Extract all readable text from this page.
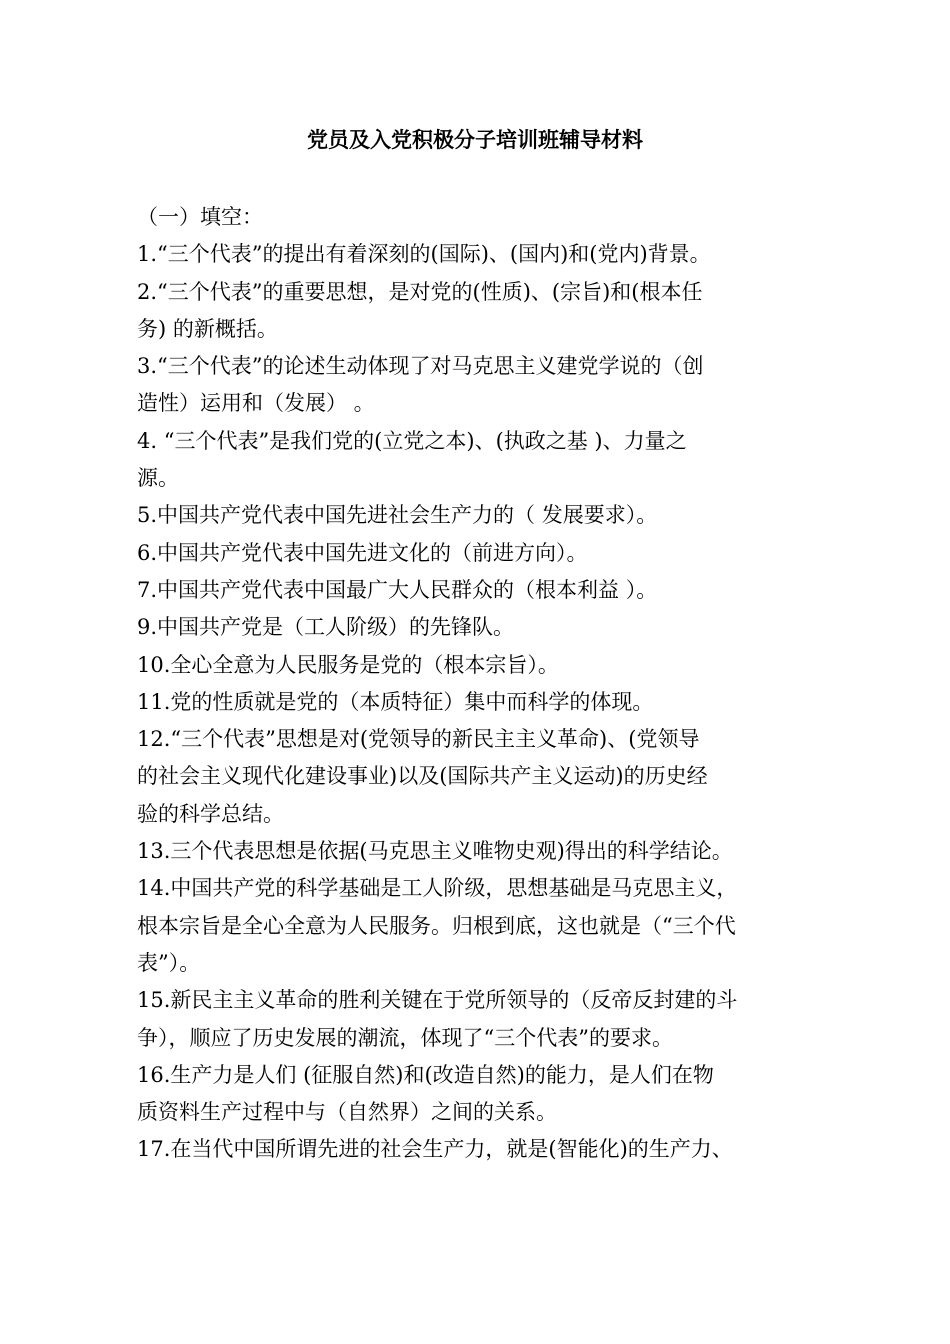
党员及入党积极分子培训班辅导材料

（一）填空：

1.“三个代表”的提出有着深刻的(国际)、(国内)和(党内)背景。

2.“三个代表”的重要思想，是对党的(性质)、(宗旨)和(根本任

务) 的新概括。

3.“三个代表”的论述生动体现了对马克思主义建党学说的（创

造性）运用和（发展） 。

4. “三个代表”是我们党的(立党之本)、(执政之基 )、力量之

源。

5.中国共产党代表中国先进社会生产力的（ 发展要求）。

6.中国共产党代表中国先进文化的（前进方向）。

7.中国共产党代表中国最广大人民群众的（根本利益 ）。

9.中国共产党是（工人阶级）的先锋队。

10.全心全意为人民服务是党的（根本宗旨）。

11.党的性质就是党的（本质特征）集中而科学的体现。

12.“三个代表”思想是对(党领导的新民主主义革命)、(党领导

的社会主义现代化建设事业)以及(国际共产主义运动)的历史经

验的科学总结。

13.三个代表思想是依据(马克思主义唯物史观)得出的科学结论。

14.中国共产党的科学基础是工人阶级，思想基础是马克思主义，

根本宗旨是全心全意为人民服务。归根到底，这也就是（“三个代

表”）。

15.新民主主义革命的胜利关键在于党所领导的（反帝反封建的斗

争），顺应了历史发展的潮流，体现了“三个代表”的要求。

16.生产力是人们 (征服自然)和(改造自然)的能力，是人们在物

质资料生产过程中与（自然界）之间的关系。

17.在当代中国所谓先进的社会生产力，就是(智能化)的生产力、
